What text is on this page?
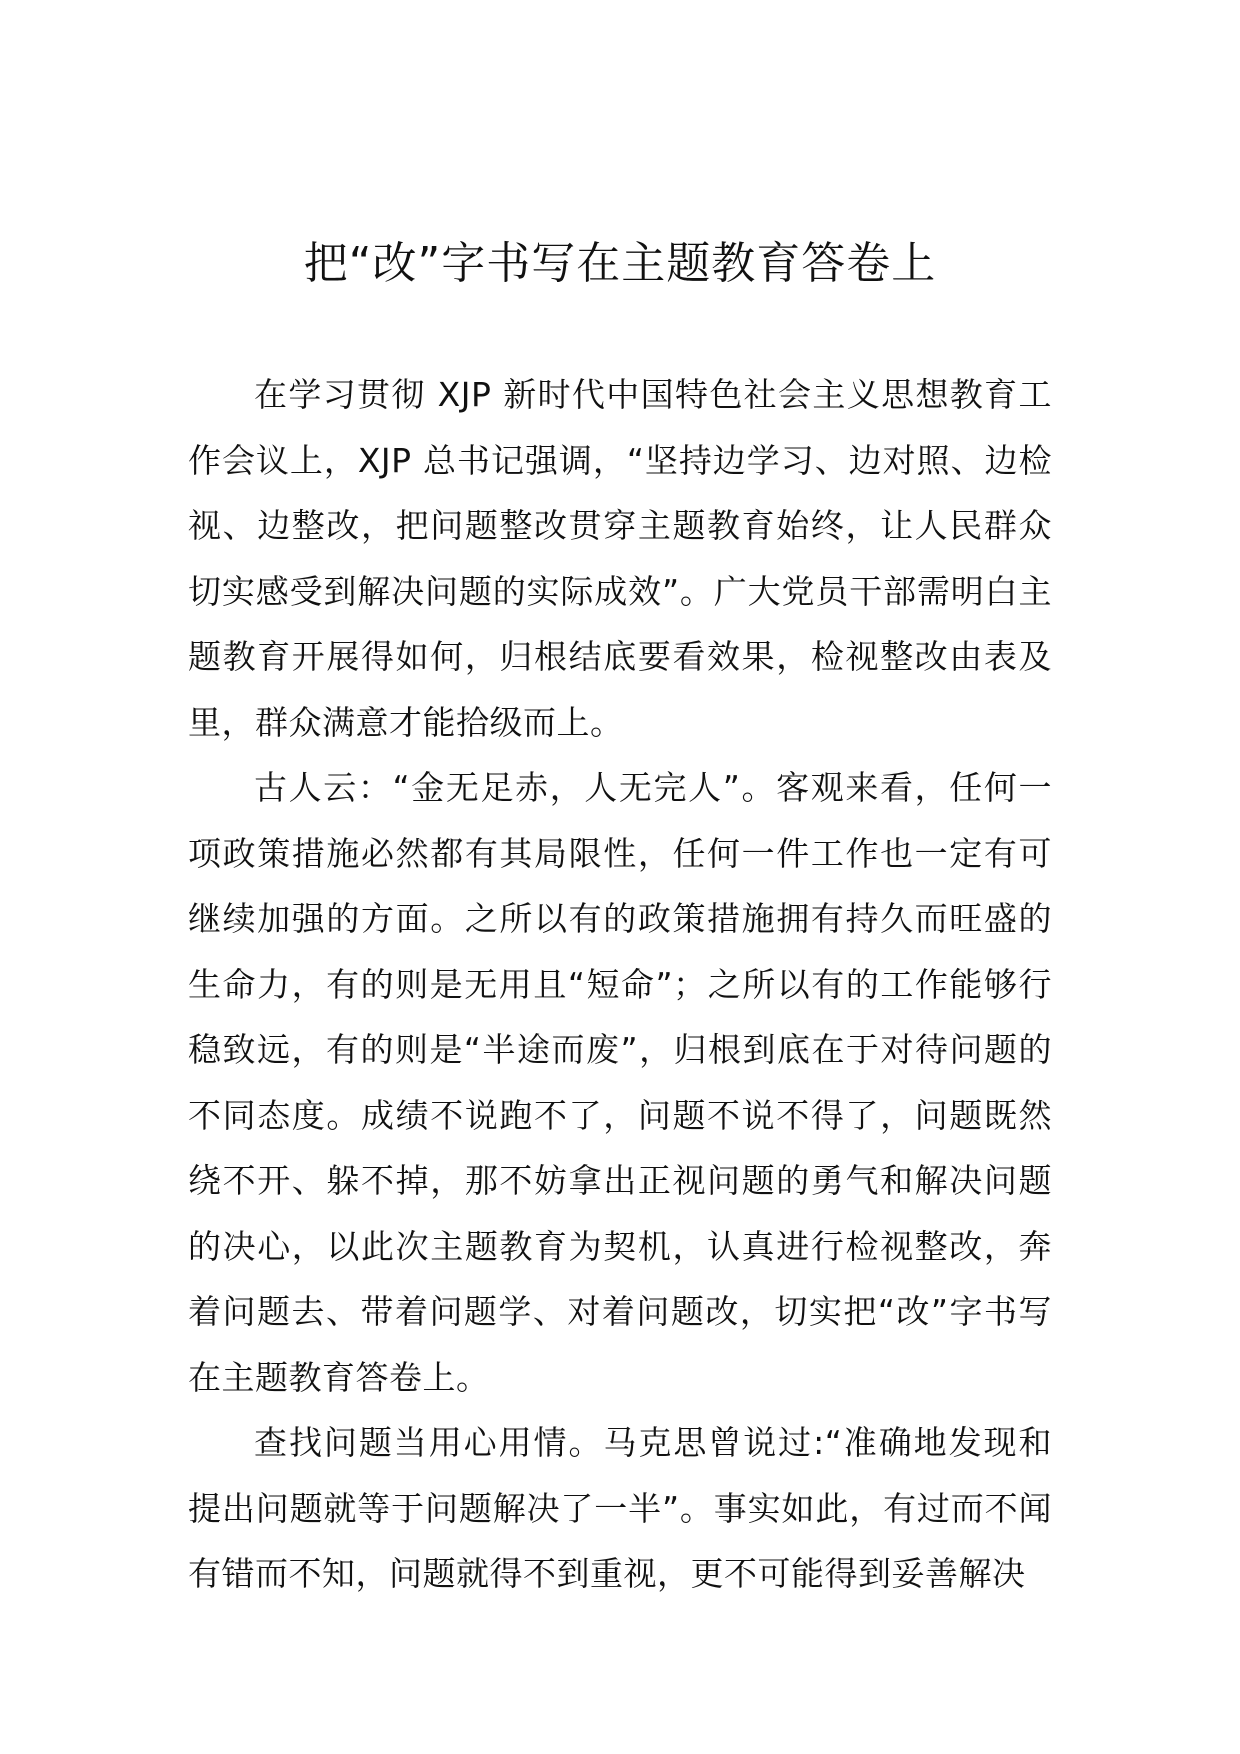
把“改”字书写在主题教育答卷上

在学习贯彻 XJP 新时代中国特色社会主义思想教育工作会议上，XJP 总书记强调，“坚持边学习、边对照、边检视、边整改，把问题整改贯穿主题教育始终，让人民群众切实感受到解决问题的实际成效”。广大党员干部需明白主题教育开展得如何，归根结底要看效果，检视整改由表及里，群众满意才能拾级而上。

古人云：“金无足赤，人无完人”。客观来看，任何一项政策措施必然都有其局限性，任何一件工作也一定有可继续加强的方面。之所以有的政策措施拥有持久而旺盛的生命力，有的则是无用且“短命”；之所以有的工作能够行稳致远，有的则是“半途而废”，归根到底在于对待问题的不同态度。成绩不说跑不了，问题不说不得了，问题既然绕不开、躲不掉，那不妨拿出正视问题的勇气和解决问题的决心，以此次主题教育为契机，认真进行检视整改，奔着问题去、带着问题学、对着问题改，切实把“改”字书写在主题教育答卷上。

查找问题当用心用情。马克思曾说过:“准确地发现和提出问题就等于问题解决了一半”。事实如此，有过而不闻有错而不知，问题就得不到重视，更不可能得到妥善解决
